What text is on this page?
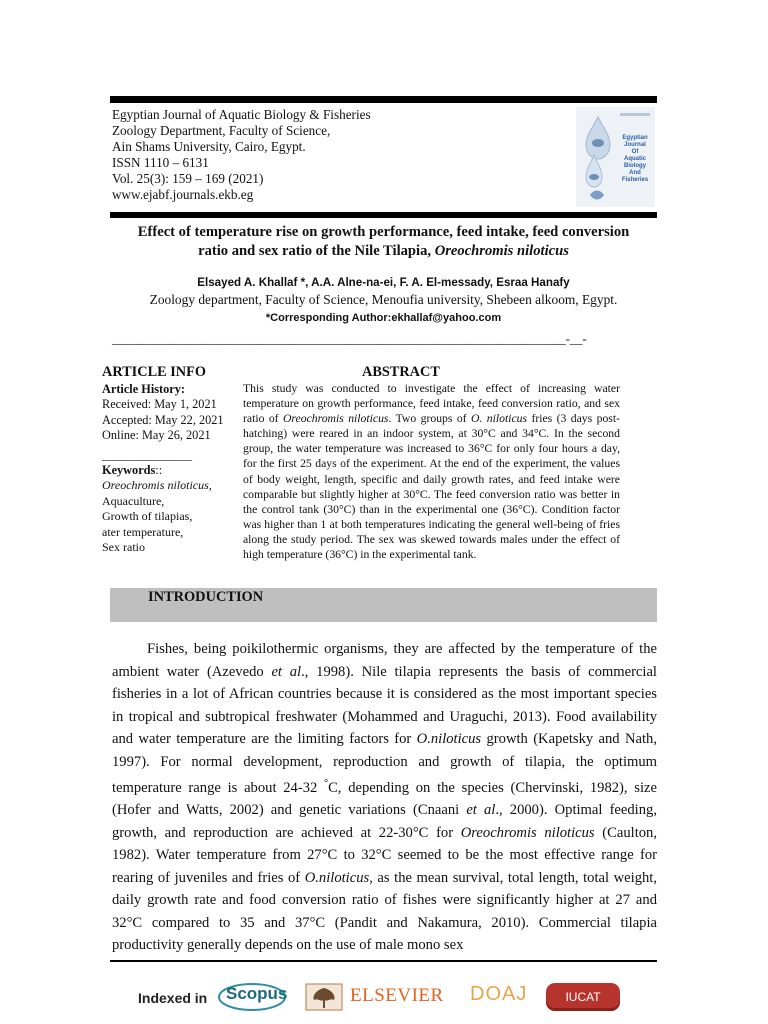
Egyptian Journal of Aquatic Biology & Fisheries
Zoology Department, Faculty of Science,
Ain Shams University, Cairo, Egypt.
ISSN 1110 – 6131
Vol. 25(3): 159 – 169 (2021)
www.ejabf.journals.ekb.eg
Egyptian Journal
Of
Aquatic Biology
And
Fisheries
Effect of temperature rise on growth performance, feed intake, feed conversion
ratio and sex ratio of the Nile Tilapia, Oreochromis niloticus
Elsayed A. Khallaf *, A.A. Alne-na-ei, F. A. El-messady, Esraa Hanafy
Zoology department, Faculty of Science, Menoufia university, Shebeen alkoom, Egypt.
*Corresponding Author:ekhallaf@yahoo.com
________________________________________________________________________-__-
ARTICLE INFO
Article History:
Received: May 1, 2021
Accepted: May 22, 2021
Online: May 26, 2021
_______________
Keywords::
Oreochromis niloticus,
Aquaculture,
Growth of tilapias,
ater temperature,
Sex ratio
ABSTRACT
This study was conducted to investigate the effect of increasing water temperature on growth performance, feed intake, feed conversion ratio, and sex ratio of Oreochromis niloticus. Two groups of O. niloticus fries (3 days post-hatching) were reared in an indoor system, at 30°C and 34°C. In the second group, the water temperature was increased to 36°C for only four hours a day, for the first 25 days of the experiment. At the end of the experiment, the values of body weight, length, specific and daily growth rates, and feed intake were comparable but slightly higher at 30°C. The feed conversion ratio was better in the control tank (30°C) than in the experimental one (36°C). Condition factor was higher than 1 at both temperatures indicating the general well-being of fries along the study period. The sex was skewed towards males under the effect of high temperature (36°C) in the experimental tank.
INTRODUCTION

Fishes, being poikilothermic organisms, they are affected by the temperature of the ambient water (Azevedo et al., 1998). Nile tilapia represents the basis of commercial fisheries in a lot of African countries because it is considered as the most important species in tropical and subtropical freshwater (Mohammed and Uraguchi, 2013). Food availability and water temperature are the limiting factors for O.niloticus growth (Kapetsky and Nath, 1997). For normal development, reproduction and growth of tilapia, the optimum temperature range is about 24-32 °C, depending on the species (Chervinski, 1982), size (Hofer and Watts, 2002) and genetic variations (Cnaani et al., 2000). Optimal feeding, growth, and reproduction are achieved at 22-30°C for Oreochromis niloticus (Caulton, 1982). Water temperature from 27°C to 32°C seemed to be the most effective range for rearing of juveniles and fries of O.niloticus, as the mean survival, total length, total weight, daily growth rate and food conversion ratio of fishes were significantly higher at 27 and 32°C compared to 35 and 37°C (Pandit and Nakamura, 2010). Commercial tilapia productivity generally depends on the use of male mono sex

Indexed in Scopus	ELSEVIER DOAJ	IUCAT
